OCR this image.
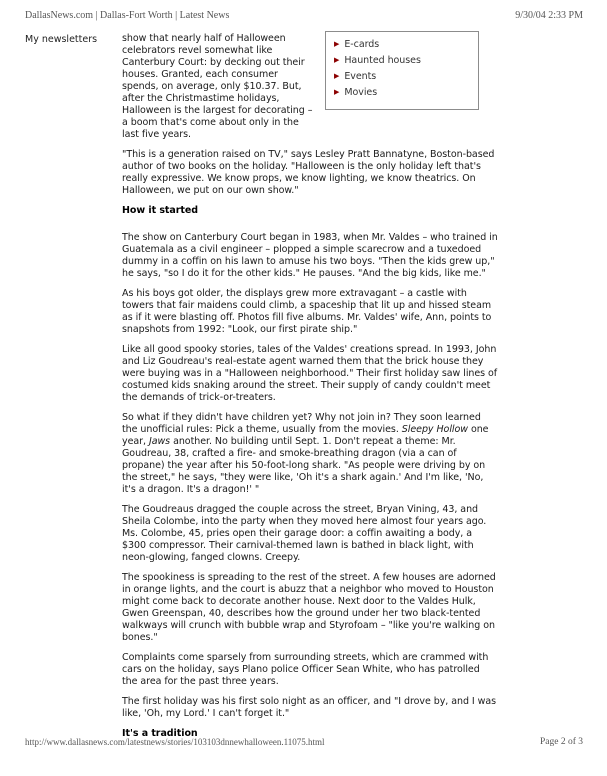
DallasNews.com | Dallas-Fort Worth | Latest News	9/30/04 2:33 PM
My newsletters	▶ E-cards
▶ Haunted houses
▶ Events
▶ Movies

show that nearly half of Halloween celebrators revel somewhat like Canterbury Court: by decking out their houses. Granted, each consumer spends, on average, only $10.37. But, after the Christmastime holidays, Halloween is the largest for decorating – a boom that's come about only in the last five years.

"This is a generation raised on TV," says Lesley Pratt Bannatyne, Boston-based author of two books on the holiday. "Halloween is the only holiday left that's really expressive. We know props, we know lighting, we know theatrics. On Halloween, we put on our own show."

How it started

The show on Canterbury Court began in 1983, when Mr. Valdes – who trained in Guatemala as a civil engineer – plopped a simple scarecrow and a tuxedoed dummy in a coffin on his lawn to amuse his two boys. "Then the kids grew up," he says, "so I do it for the other kids." He pauses. "And the big kids, like me."

As his boys got older, the displays grew more extravagant – a castle with towers that fair maidens could climb, a spaceship that lit up and hissed steam as if it were blasting off. Photos fill five albums. Mr. Valdes' wife, Ann, points to snapshots from 1992: "Look, our first pirate ship."

Like all good spooky stories, tales of the Valdes' creations spread. In 1993, John and Liz Goudreau's real-estate agent warned them that the brick house they were buying was in a "Halloween neighborhood." Their first holiday saw lines of costumed kids snaking around the street. Their supply of candy couldn't meet the demands of trick-or-treaters.

So what if they didn't have children yet? Why not join in? They soon learned the unofficial rules: Pick a theme, usually from the movies. Sleepy Hollow one year, Jaws another. No building until Sept. 1. Don't repeat a theme: Mr. Goudreau, 38, crafted a fire- and smoke-breathing dragon (via a can of propane) the year after his 50-foot-long shark. "As people were driving by on the street," he says, "they were like, 'Oh it's a shark again.' And I'm like, 'No, it's a dragon. It's a dragon!' "

The Goudreaus dragged the couple across the street, Bryan Vining, 43, and Sheila Colombe, into the party when they moved here almost four years ago. Ms. Colombe, 45, pries open their garage door: a coffin awaiting a body, a $300 compressor. Their carnival-themed lawn is bathed in black light, with neon-glowing, fanged clowns. Creepy.

The spookiness is spreading to the rest of the street. A few houses are adorned in orange lights, and the court is abuzz that a neighbor who moved to Houston might come back to decorate another house. Next door to the Valdes Hulk, Gwen Greenspan, 40, describes how the ground under her two black-tented walkways will crunch with bubble wrap and Styrofoam – "like you're walking on bones."

Complaints come sparsely from surrounding streets, which are crammed with cars on the holiday, says Plano police Officer Sean White, who has patrolled the area for the past three years.

The first holiday was his first solo night as an officer, and "I drove by, and I was like, 'Oh, my Lord.' I can't forget it."

It's a tradition
http://www.dallasnews.com/latestnews/stories/103103dnnewhalloween.11075.html	Page 2 of 3
